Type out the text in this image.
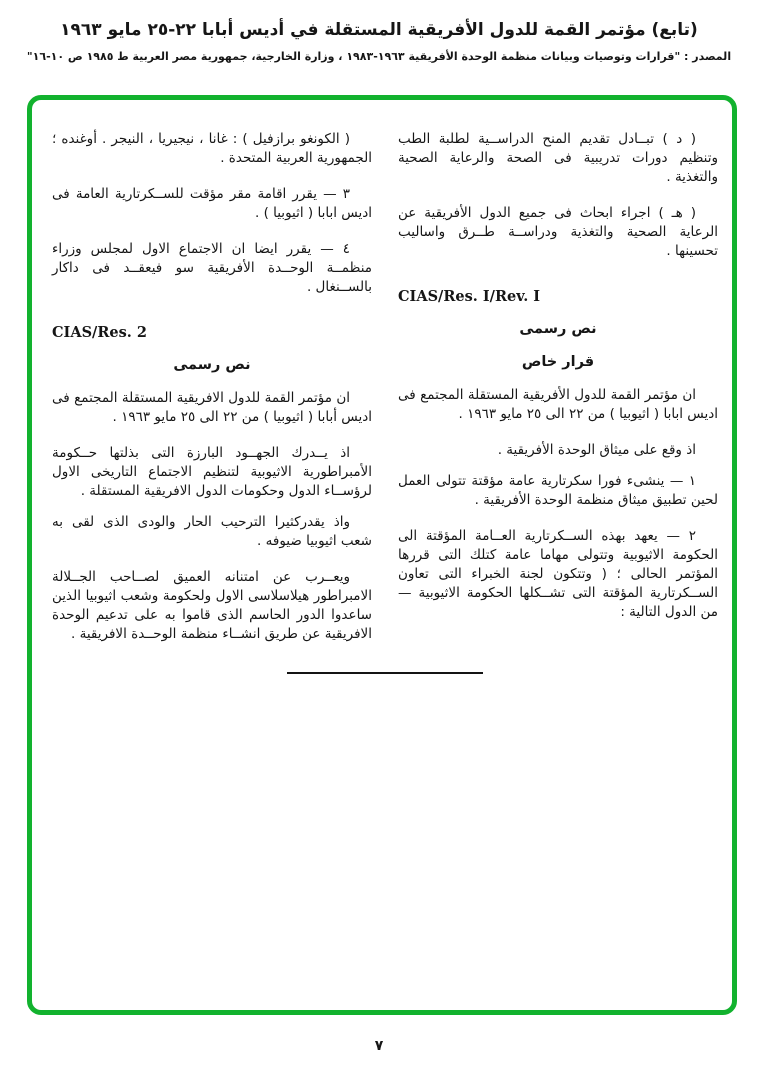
(تابع) مؤتمر القمة للدول الأفريقية المستقلة في أديس أبابا ٢٢-٢٥ مايو ١٩٦٣
المصدر : "قرارات وتوصيات وبيانات منظمة الوحدة الأفريقية ١٩٦٣-١٩٨٣ ، وزارة الخارجية، جمهورية مصر العربية ط ١٩٨٥ ص ١٠-١٦"

( د ) تبــادل تقديم المنح الدراســية لطلبة الطب وتنظيم دورات تدريبية فى الصحة والرعاية الصحية والتغذية .

( هـ ) اجراء ابحاث فى جميع الدول الأفريقية عن الرعاية الصحية والتغذية ودراســة طــرق واساليب تحسينها .

CIAS/Res. I/Rev. I
نص رسمى
قرار خاص

ان مؤتمر القمة للدول الأفريقية المستقلة المجتمع فى اديس ابابا ( اثيوبيا ) من ٢٢ الى ٢٥ مايو ١٩٦٣ .

اذ وقع على ميثاق الوحدة الأفريقية .

١ — ينشىء فورا سكرتارية عامة مؤقتة تتولى العمل لحين تطبيق ميثاق منظمة الوحدة الأفريقية .

٢ — يعهد بهذه الســكرتارية العــامة المؤقتة الى الحكومة الاثيوبية وتتولى مهاما عامة كتلك التى قررها المؤتمر الحالى ؛ ( وتتكون لجنة الخبراء التى تعاون الســكرتارية المؤقتة التى تشــكلها الحكومة الاثيوبية — من الدول التالية :

( الكونغو برازفيل ) : غانا ، نيجيريا ، النيجر . أوغنده ؛ الجمهورية العربية المتحدة .

٣ — يقرر اقامة مقر مؤقت للســكرتارية العامة فى اديس ابابا ( اثيوبيا ) .

٤ — يقرر ايضا ان الاجتماع الاول لمجلس وزراء منظمــة الوحــدة الأفريقية سو فيعقــد فى داكار بالســنغال .

CIAS/Res. 2
نص رسمى

ان مؤتمر القمة للدول الافريقية المستقلة المجتمع فى اديس أبابا ( اثيوبيا ) من ٢٢ الى ٢٥ مايو ١٩٦٣ .

اذ يــدرك الجهــود البارزة التى بذلتها حــكومة الأمبراطورية الاثيوبية لتنظيم الاجتماع التاريخى الاول لرؤســاء الدول وحكومات الدول الافريقية المستقلة .

واذ يقدركثيرا الترحيب الحار والودى الذى لقى به شعب اثيوبيا ضيوفه .

ويعــرب عن امتنانه العميق لصــاحب الجــلالة الامبراطور هيلاسلاسى الاول ولحكومة وشعب اثيوبيا الذين ساعدوا الدور الحاسم الذى قاموا به على تدعيم الوحدة الافريقية عن طريق انشــاء منظمة الوحــدة الافريقية .

٧
